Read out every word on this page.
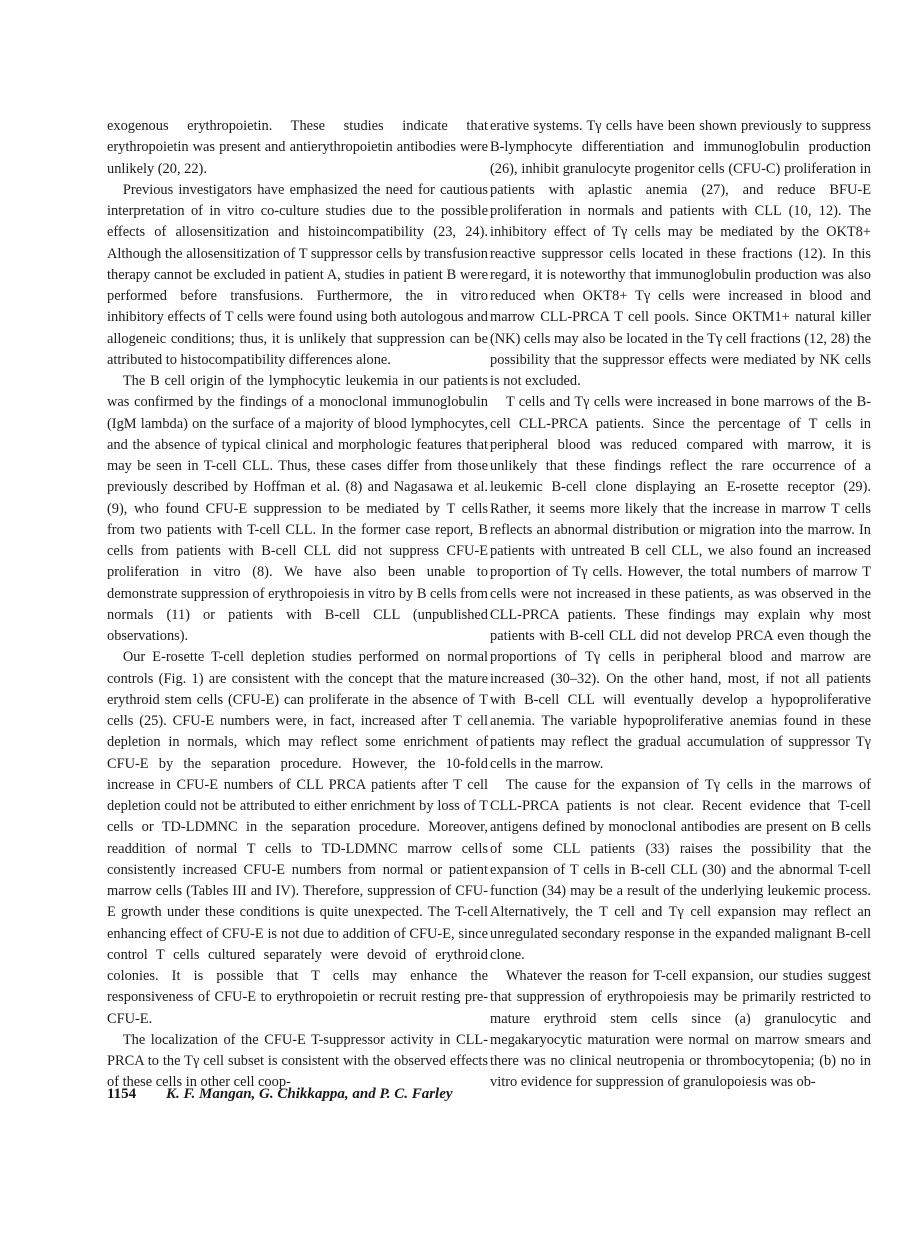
exogenous erythropoietin. These studies indicate that erythropoietin was present and antierythropoietin antibodies were unlikely (20, 22).

Previous investigators have emphasized the need for cautious interpretation of in vitro co-culture studies due to the possible effects of allosensitization and histoincompatibility (23, 24). Although the allosensitization of T suppressor cells by transfusion therapy cannot be excluded in patient A, studies in patient B were performed before transfusions. Furthermore, the in vitro inhibitory effects of T cells were found using both autologous and allogeneic conditions; thus, it is unlikely that suppression can be attributed to histocompatibility differences alone.

The B cell origin of the lymphocytic leukemia in our patients was confirmed by the findings of a monoclonal immunoglobulin (IgM lambda) on the surface of a majority of blood lymphocytes, and the absence of typical clinical and morphologic features that may be seen in T-cell CLL. Thus, these cases differ from those previously described by Hoffman et al. (8) and Nagasawa et al. (9), who found CFU-E suppression to be mediated by T cells from two patients with T-cell CLL. In the former case report, B cells from patients with B-cell CLL did not suppress CFU-E proliferation in vitro (8). We have also been unable to demonstrate suppression of erythropoiesis in vitro by B cells from normals (11) or patients with B-cell CLL (unpublished observations).

Our E-rosette T-cell depletion studies performed on normal controls (Fig. 1) are consistent with the concept that the mature erythroid stem cells (CFU-E) can proliferate in the absence of T cells (25). CFU-E numbers were, in fact, increased after T cell depletion in normals, which may reflect some enrichment of CFU-E by the separation procedure. However, the 10-fold increase in CFU-E numbers of CLL PRCA patients after T cell depletion could not be attributed to either enrichment by loss of T cells or TD-LDMNC in the separation procedure. Moreover, readdition of normal T cells to TD-LDMNC marrow cells consistently increased CFU-E numbers from normal or patient marrow cells (Tables III and IV). Therefore, suppression of CFU-E growth under these conditions is quite unexpected. The T-cell enhancing effect of CFU-E is not due to addition of CFU-E, since control T cells cultured separately were devoid of erythroid colonies. It is possible that T cells may enhance the responsiveness of CFU-E to erythropoietin or recruit resting pre-CFU-E.

The localization of the CFU-E T-suppressor activity in CLL-PRCA to the Tγ cell subset is consistent with the observed effects of these cells in other cell coop-

erative systems. Tγ cells have been shown previously to suppress B-lymphocyte differentiation and immunoglobulin production (26), inhibit granulocyte progenitor cells (CFU-C) proliferation in patients with aplastic anemia (27), and reduce BFU-E proliferation in normals and patients with CLL (10, 12). The inhibitory effect of Tγ cells may be mediated by the OKT8+ reactive suppressor cells located in these fractions (12). In this regard, it is noteworthy that immunoglobulin production was also reduced when OKT8+ Tγ cells were increased in blood and marrow CLL-PRCA T cell pools. Since OKTM1+ natural killer (NK) cells may also be located in the Tγ cell fractions (12, 28) the possibility that the suppressor effects were mediated by NK cells is not excluded.

T cells and Tγ cells were increased in bone marrows of the B-cell CLL-PRCA patients. Since the percentage of T cells in peripheral blood was reduced compared with marrow, it is unlikely that these findings reflect the rare occurrence of a leukemic B-cell clone displaying an E-rosette receptor (29). Rather, it seems more likely that the increase in marrow T cells reflects an abnormal distribution or migration into the marrow. In patients with untreated B cell CLL, we also found an increased proportion of Tγ cells. However, the total numbers of marrow T cells were not increased in these patients, as was observed in the CLL-PRCA patients. These findings may explain why most patients with B-cell CLL did not develop PRCA even though the proportions of Tγ cells in peripheral blood and marrow are increased (30–32). On the other hand, most, if not all patients with B-cell CLL will eventually develop a hypoproliferative anemia. The variable hypoproliferative anemias found in these patients may reflect the gradual accumulation of suppressor Tγ cells in the marrow.

The cause for the expansion of Tγ cells in the marrows of CLL-PRCA patients is not clear. Recent evidence that T-cell antigens defined by monoclonal antibodies are present on B cells of some CLL patients (33) raises the possibility that the expansion of T cells in B-cell CLL (30) and the abnormal T-cell function (34) may be a result of the underlying leukemic process. Alternatively, the T cell and Tγ cell expansion may reflect an unregulated secondary response in the expanded malignant B-cell clone.

Whatever the reason for T-cell expansion, our studies suggest that suppression of erythropoiesis may be primarily restricted to mature erythroid stem cells since (a) granulocytic and megakaryocytic maturation were normal on marrow smears and there was no clinical neutropenia or thrombocytopenia; (b) no in vitro evidence for suppression of granulopoiesis was ob-

1154 K. F. Mangan, G. Chikkappa, and P. C. Farley
